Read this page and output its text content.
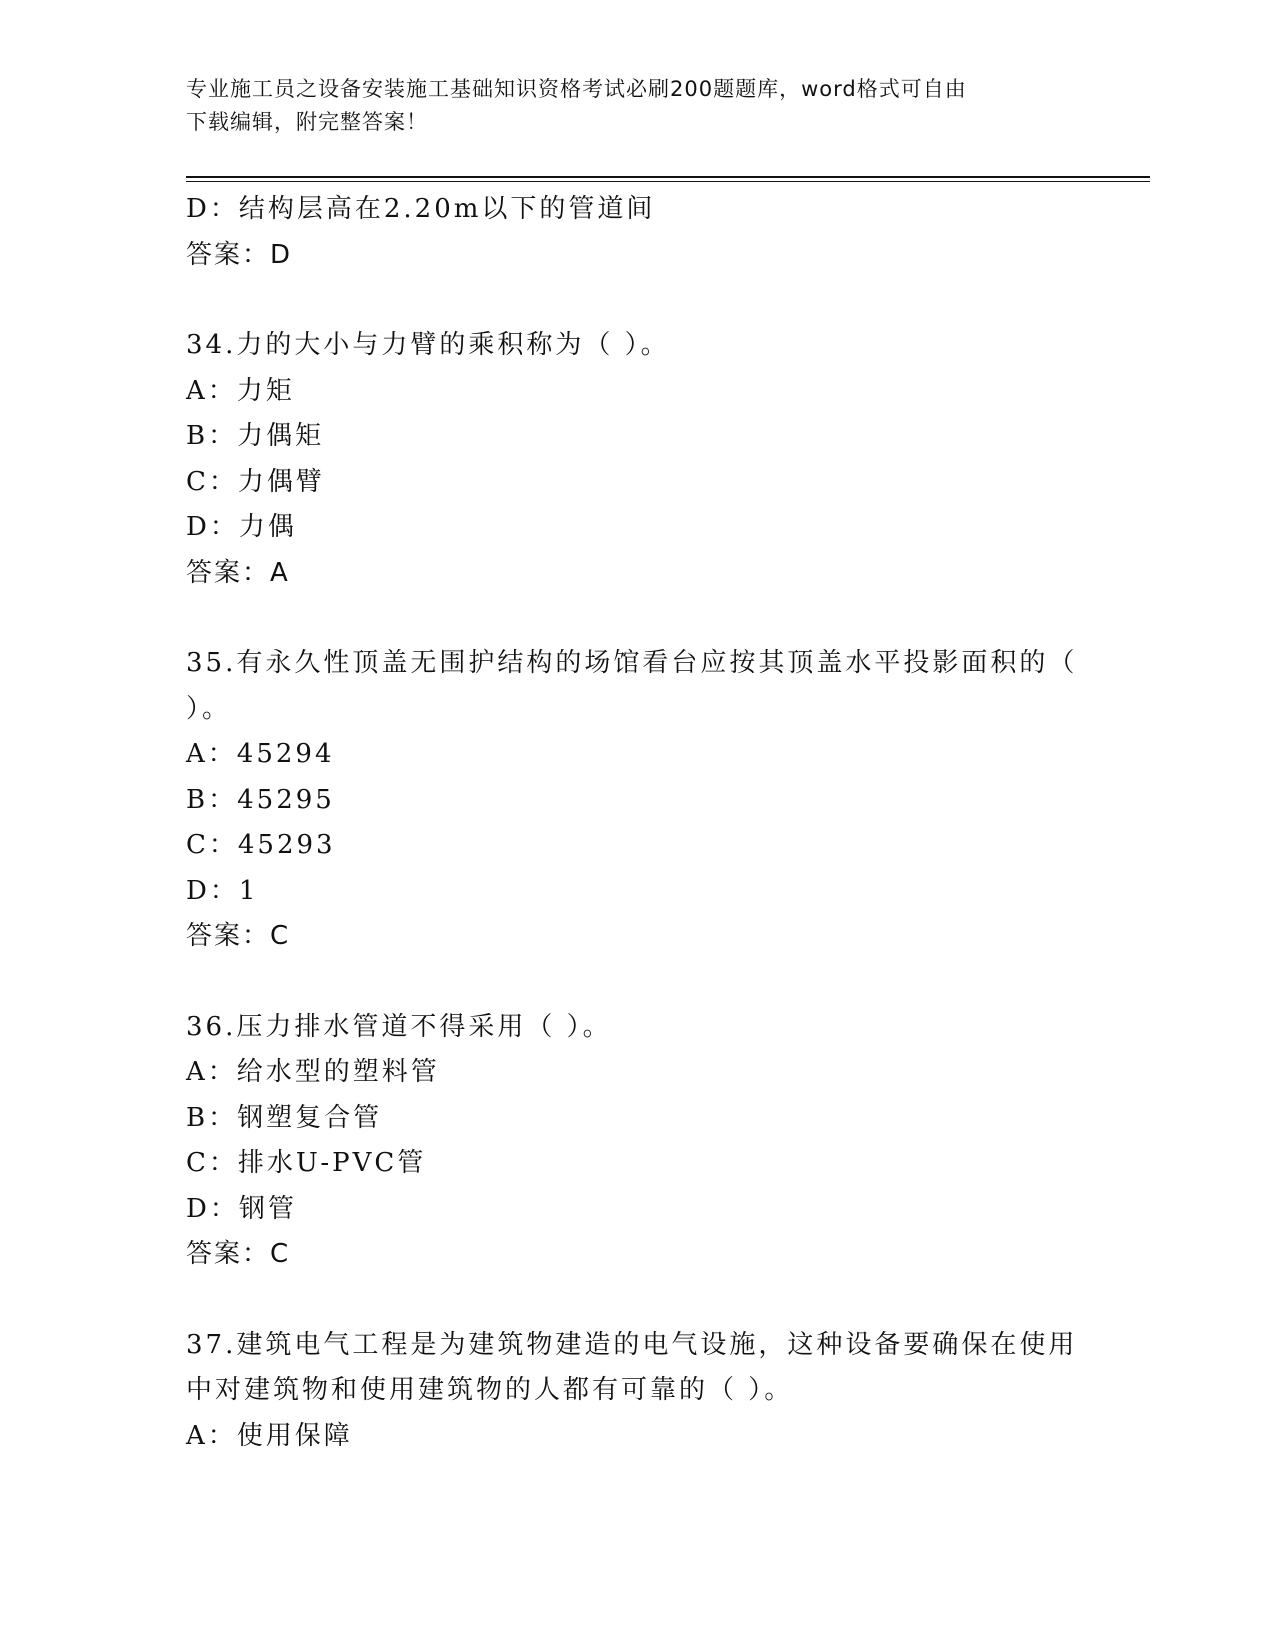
专业施工员之设备安装施工基础知识资格考试必刷200题题库，word格式可自由
下载编辑，附完整答案！
D：结构层高在2.20m以下的管道间
答案：D
34.力的大小与力臂的乘积称为（ ）。
A：力矩
B：力偶矩
C：力偶臂
D：力偶
答案：A
35.有永久性顶盖无围护结构的场馆看台应按其顶盖水平投影面积的（
）。
A：45294
B：45295
C：45293
D：1
答案：C
36.压力排水管道不得采用（ ）。
A：给水型的塑料管
B：钢塑复合管
C：排水U-PVC管
D：钢管
答案：C
37.建筑电气工程是为建筑物建造的电气设施，这种设备要确保在使用
中对建筑物和使用建筑物的人都有可靠的（ ）。
A：使用保障
